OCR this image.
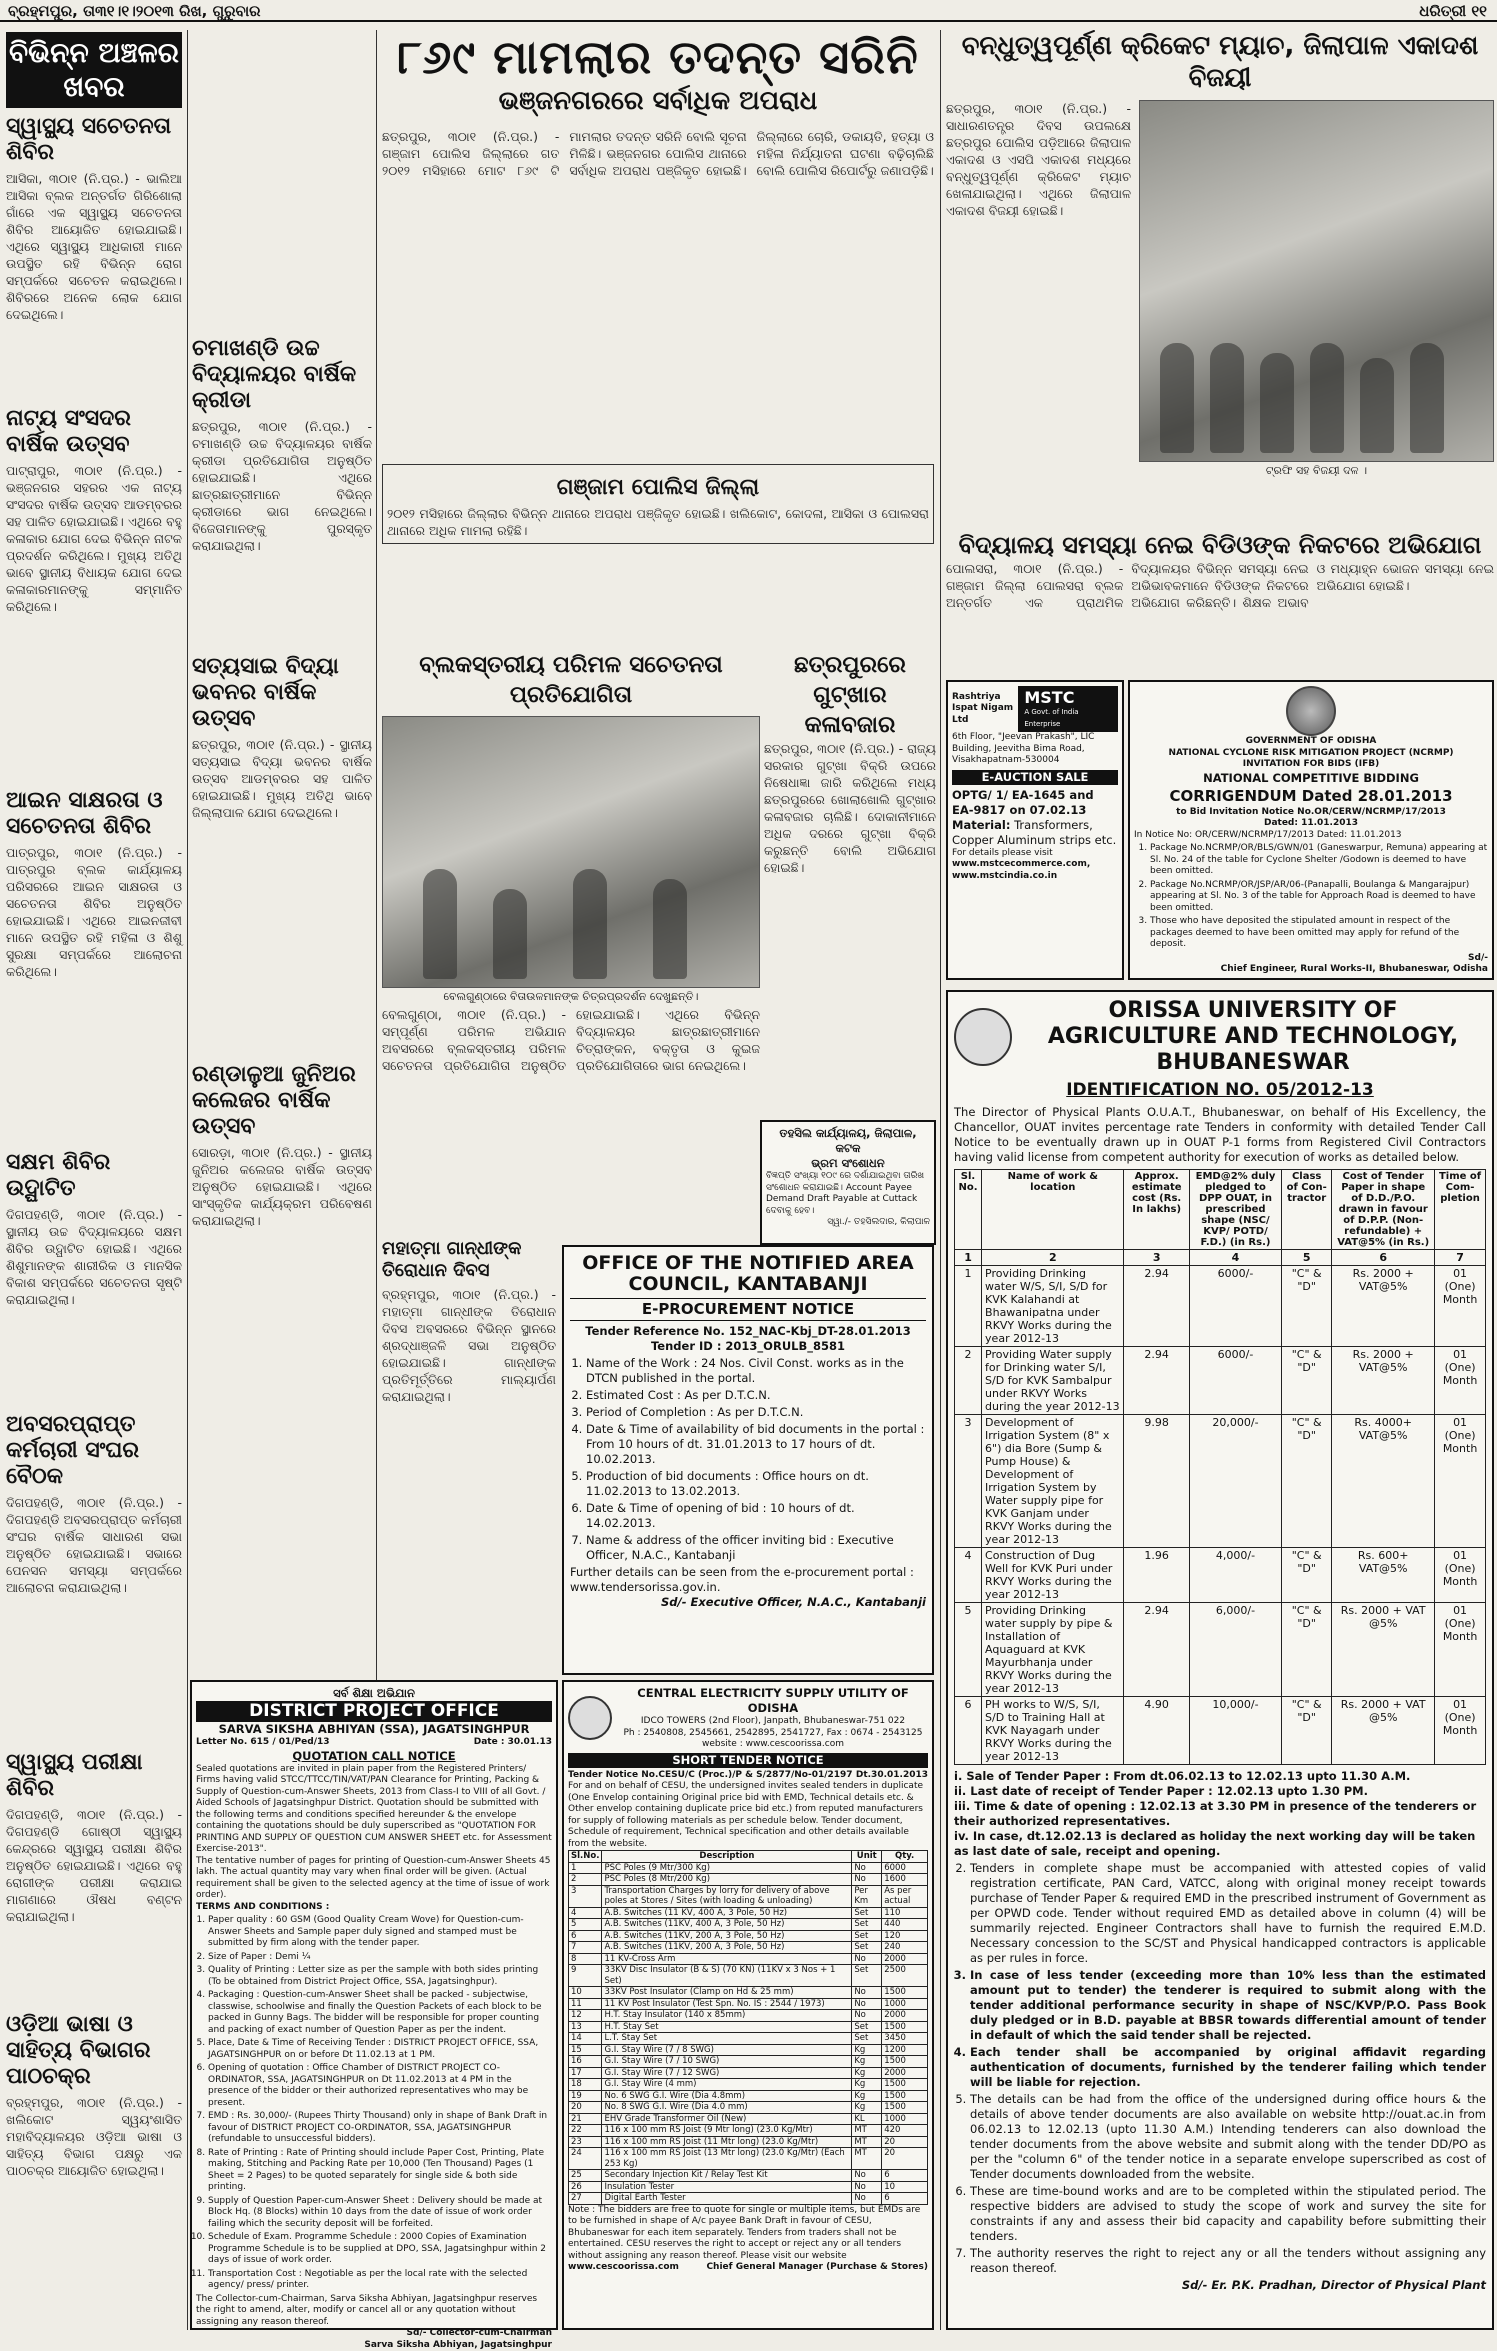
ବ୍ରହ୍ମପୁର, ତା୩୧।୧।୨୦୧୩ ରିଖ, ଗୁରୁବାର	ଧରିତ୍ରୀ ୧୧
ବିଭିନ୍ନ ଅଞ୍ଚଳର ଖବର
ସ୍ୱାସ୍ଥ୍ୟ ସଚେତନତା ଶିବିର
ଆସିକା, ୩୦ା୧ (ନି.ପ୍ର.) - ଭାଲିଆ ଆସିକା ବ୍ଲକ ଅନ୍ତର୍ଗତ ଗିରିଶୋଲା ଗାଁରେ ଏକ ସ୍ୱାସ୍ଥ୍ୟ ସଚେତନତା ଶିବିର ଆୟୋଜିତ ହୋଇଯାଇଛି। ଏଥିରେ ସ୍ୱାସ୍ଥ୍ୟ ଆଧିକାରୀ ମାନେ ଉପସ୍ଥିତ ରହି ବିଭିନ୍ନ ରୋଗ ସମ୍ପର୍କରେ ସଚେତନ କରାଇଥିଲେ। ଶିବିରରେ ଅନେକ ଲୋକ ଯୋଗ ଦେଇଥିଲେ।
ନାଟ୍ୟ ସଂସଦର ବାର୍ଷିକ ଉତ୍ସବ
ପାଟ୍ରାପୁର, ୩୦ା୧ (ନି.ପ୍ର.) - ଭଞ୍ଜନଗର ସହରର ଏକ ନାଟ୍ୟ ସଂସଦର ବାର୍ଷିକ ଉତ୍ସବ ଆଡମ୍ବରର ସହ ପାଳିତ ହୋଇଯାଇଛି। ଏଥିରେ ବହୁ କଳାକାର ଯୋଗ ଦେଇ ବିଭିନ୍ନ ନାଟକ ପ୍ରଦର୍ଶନ କରିଥିଲେ। ମୁଖ୍ୟ ଅତିଥି ଭାବେ ସ୍ଥାନୀୟ ବିଧାୟକ ଯୋଗ ଦେଇ କଳାକାରମାନଙ୍କୁ ସମ୍ମାନିତ କରିଥିଲେ।
ଆଇନ ସାକ୍ଷରତା ଓ ସଚେତନତା ଶିବିର
ପାତ୍ରପୁର, ୩୦ା୧ (ନି.ପ୍ର.) - ପାତ୍ରପୁର ବ୍ଲକ କାର୍ଯ୍ୟାଳୟ ପରିସରରେ ଆଇନ ସାକ୍ଷରତା ଓ ସଚେତନତା ଶିବିର ଅନୁଷ୍ଠିତ ହୋଇଯାଇଛି। ଏଥିରେ ଆଇନଜୀବୀ ମାନେ ଉପସ୍ଥିତ ରହି ମହିଳା ଓ ଶିଶୁ ସୁରକ୍ଷା ସମ୍ପର୍କରେ ଆଲୋଚନା କରିଥିଲେ।
ସକ୍ଷମ ଶିବିର ଉଦ୍ଘାଟିତ
ଦିଗପହଣ୍ଡି, ୩୦ା୧ (ନି.ପ୍ର.) - ସ୍ଥାନୀୟ ଉଚ୍ଚ ବିଦ୍ୟାଳୟରେ ସକ୍ଷମ ଶିବିର ଉଦ୍ଘାଟିତ ହୋଇଛି। ଏଥିରେ ଶିଶୁମାନଙ୍କ ଶାରୀରିକ ଓ ମାନସିକ ବିକାଶ ସମ୍ପର୍କରେ ସଚେତନତା ସୃଷ୍ଟି କରାଯାଇଥିଲା।
ଅବସରପ୍ରାପ୍ତ କର୍ମଚାରୀ ସଂଘର ବୈଠକ
ଦିଗପହଣ୍ଡି, ୩୦ା୧ (ନି.ପ୍ର.) - ଦିଗପହଣ୍ଡି ଅବସରପ୍ରାପ୍ତ କର୍ମଚାରୀ ସଂଘର ବାର୍ଷିକ ସାଧାରଣ ସଭା ଅନୁଷ୍ଠିତ ହୋଇଯାଇଛି। ସଭାରେ ପେନସନ ସମସ୍ୟା ସମ୍ପର୍କରେ ଆଲୋଚନା କରାଯାଇଥିଲା।
ସ୍ୱାସ୍ଥ୍ୟ ପରୀକ୍ଷା ଶିବିର
ଦିଗପହଣ୍ଡି, ୩୦ା୧ (ନି.ପ୍ର.) - ଦିଗପହଣ୍ଡି ଗୋଷ୍ଠୀ ସ୍ୱାସ୍ଥ୍ୟ କେନ୍ଦ୍ରରେ ସ୍ୱାସ୍ଥ୍ୟ ପରୀକ୍ଷା ଶିବିର ଅନୁଷ୍ଠିତ ହୋଇଯାଇଛି। ଏଥିରେ ବହୁ ରୋଗୀଙ୍କ ପରୀକ୍ଷା କରାଯାଇ ମାଗଣାରେ ଔଷଧ ବଣ୍ଟନ କରାଯାଇଥିଲା।
ଓଡ଼ିଆ ଭାଷା ଓ ସାହିତ୍ୟ ବିଭାଗର ପାଠଚକ୍ର
ବ୍ରହ୍ମପୁର, ୩୦ା୧ (ନି.ପ୍ର.) - ଖଲିକୋଟ ସ୍ୱୟଂଶାସିତ ମହାବିଦ୍ୟାଳୟର ଓଡ଼ିଆ ଭାଷା ଓ ସାହିତ୍ୟ ବିଭାଗ ପକ୍ଷରୁ ଏକ ପାଠଚକ୍ର ଆୟୋଜିତ ହୋଇଥିଲା।
ଚମାଖଣ୍ଡି ଉଚ୍ଚ ବିଦ୍ୟାଳୟର ବାର୍ଷିକ କ୍ରୀଡା
ଛତ୍ରପୁର, ୩୦ା୧ (ନି.ପ୍ର.) - ଚମାଖଣ୍ଡି ଉଚ୍ଚ ବିଦ୍ୟାଳୟର ବାର୍ଷିକ କ୍ରୀଡା ପ୍ରତିଯୋଗିତା ଅନୁଷ୍ଠିତ ହୋଇଯାଇଛି। ଏଥିରେ ଛାତ୍ରଛାତ୍ରୀମାନେ ବିଭିନ୍ନ କ୍ରୀଡାରେ ଭାଗ ନେଇଥିଲେ। ବିଜେତାମାନଙ୍କୁ ପୁରସ୍କୃତ କରାଯାଇଥିଲା।
ସତ୍ୟସାଇ ବିଦ୍ୟା ଭବନର ବାର୍ଷିକ ଉତ୍ସବ
ଛତ୍ରପୁର, ୩୦ା୧ (ନି.ପ୍ର.) - ସ୍ଥାନୀୟ ସତ୍ୟସାଇ ବିଦ୍ୟା ଭବନର ବାର୍ଷିକ ଉତ୍ସବ ଆଡମ୍ବରର ସହ ପାଳିତ ହୋଇଯାଇଛି। ମୁଖ୍ୟ ଅତିଥି ଭାବେ ଜିଲ୍ଲାପାଳ ଯୋଗ ଦେଇଥିଲେ।
ରଣ୍ଡାଳୁଆ ଜୁନିଅର କଲେଜର ବାର୍ଷିକ ଉତ୍ସବ
ସୋରଡ଼ା, ୩୦ା୧ (ନି.ପ୍ର.) - ସ୍ଥାନୀୟ ଜୁନିଅର କଲେଜର ବାର୍ଷିକ ଉତ୍ସବ ଅନୁଷ୍ଠିତ ହୋଇଯାଇଛି। ଏଥିରେ ସାଂସ୍କୃତିକ କାର୍ଯ୍ୟକ୍ରମ ପରିବେଷଣ କରାଯାଇଥିଲା।
୮୬୯ ମାମଲାର ତଦନ୍ତ ସରିନି
ଭଞ୍ଜନଗରରେ ସର୍ବାଧିକ ଅପରାଧ
ଛତ୍ରପୁର, ୩୦ା୧ (ନି.ପ୍ର.) - ଗଞ୍ଜାମ ପୋଲିସ ଜିଲ୍ଲାରେ ଗତ ୨୦୧୨ ମସିହାରେ ମୋଟ ୮୬୯ ଟି ମାମଲାର ତଦନ୍ତ ସରିନି ବୋଲି ସୂଚନା ମିଳିଛି। ଭଞ୍ଜନଗର ପୋଲିସ ଥାନାରେ ସର୍ବାଧିକ ଅପରାଧ ପଞ୍ଜିକୃତ ହୋଇଛି। ଜିଲ୍ଲାରେ ଚୋରି, ଡକାୟତି, ହତ୍ୟା ଓ ମହିଳା ନିର୍ଯ୍ୟାତନା ଘଟଣା ବଢ଼ିଚାଲିଛି ବୋଲି ପୋଲିସ ରିପୋର୍ଟରୁ ଜଣାପଡ଼ିଛି।
ଗଞ୍ଜାମ ପୋଲିସ ଜିଲ୍ଲା
୨୦୧୨ ମସିହାରେ ଜିଲ୍ଲାର ବିଭିନ୍ନ ଥାନାରେ ଅପରାଧ ପଞ୍ଜିକୃତ ହୋଇଛି। ଖଲିକୋଟ, କୋଦଳା, ଆସିକା ଓ ପୋଲସରା ଥାନାରେ ଅଧିକ ମାମଲା ରହିଛି।
ବ୍ଲକସ୍ତରୀୟ ପରିମଳ ସଚେତନତା ପ୍ରତିଯୋଗିତା
ବେଲଗୁଣ୍ଠାରେ ବିତାଉଳମାନଙ୍କ ଚିତ୍ରପ୍ରଦର୍ଶନ ଦେଖୁଛନ୍ତି।
ବେଲଗୁଣ୍ଠା, ୩୦ା୧ (ନି.ପ୍ର.) - ସମ୍ପୂର୍ଣ୍ଣ ପରିମଳ ଅଭିଯାନ ଅବସରରେ ବ୍ଲକସ୍ତରୀୟ ପରିମଳ ସଚେତନତା ପ୍ରତିଯୋଗିତା ଅନୁଷ୍ଠିତ ହୋଇଯାଇଛି। ଏଥିରେ ବିଭିନ୍ନ ବିଦ୍ୟାଳୟର ଛାତ୍ରଛାତ୍ରୀମାନେ ଚିତ୍ରାଙ୍କନ, ବକ୍ତୃତା ଓ କୁଇଜ ପ୍ରତିଯୋଗିତାରେ ଭାଗ ନେଇଥିଲେ।
ଛତ୍ରପୁରରେ ଗୁଟ୍ଖାର କଳାବଜାର
ଛତ୍ରପୁର, ୩୦ା୧ (ନି.ପ୍ର.) - ରାଜ୍ୟ ସରକାର ଗୁଟ୍ଖା ବିକ୍ରି ଉପରେ ନିଷେଧାଜ୍ଞା ଜାରି କରିଥିଲେ ମଧ୍ୟ ଛତ୍ରପୁରରେ ଖୋଲାଖୋଲି ଗୁଟ୍ଖାର କଳାବଜାର ଚାଲିଛି। ଦୋକାନୀମାନେ ଅଧିକ ଦରରେ ଗୁଟ୍ଖା ବିକ୍ରି କରୁଛନ୍ତି ବୋଲି ଅଭିଯୋଗ ହୋଇଛି।
ତହସିଲ କାର୍ଯ୍ୟାଳୟ, ଜିଲାପାଳ, କଟକ
ଭ୍ରମ ସଂଶୋଧନ
ବିଜ୍ଞପ୍ତି ସଂଖ୍ୟା ୧୦୯ ରେ ଦର୍ଶାଯାଇଥିବା ତାରିଖ ସଂଶୋଧନ କରାଯାଇଛି। Account Payee Demand Draft Payable at Cuttack ଦେବାକୁ ହେବ।
ସ୍ୱା./- ତହସିଲଦାର, କିଲାପାଳ
ମହାତ୍ମା ଗାନ୍ଧୀଙ୍କ ତିରୋଧାନ ଦିବସ
ବ୍ରହ୍ମପୁର, ୩୦ା୧ (ନି.ପ୍ର.) - ମହାତ୍ମା ଗାନ୍ଧୀଙ୍କ ତିରୋଧାନ ଦିବସ ଅବସରରେ ବିଭିନ୍ନ ସ୍ଥାନରେ ଶ୍ରଦ୍ଧାଞ୍ଜଳି ସଭା ଅନୁଷ୍ଠିତ ହୋଇଯାଇଛି। ଗାନ୍ଧୀଙ୍କ ପ୍ରତିମୂର୍ତ୍ତିରେ ମାଲ୍ୟାର୍ପଣ କରାଯାଇଥିଲା।
OFFICE OF THE NOTIFIED AREA COUNCIL, KANTABANJI
E-PROCUREMENT NOTICE
Tender Reference No. 152_NAC-Kbj_DT-28.01.2013
Tender ID : 2013_ORULB_8581
1. Name of the Work : 24 Nos. Civil Const. works as in the DTCN published in the portal.
2. Estimated Cost : As per D.T.C.N.
3. Period of Completion : As per D.T.C.N.
4. Date & Time of availability of bid documents in the portal : From 10 hours of dt. 31.01.2013 to 17 hours of dt. 10.02.2013.
5. Production of bid documents : Office hours on dt. 11.02.2013 to 13.02.2013.
6. Date & Time of opening of bid : 10 hours of dt. 14.02.2013.
7. Name & address of the officer inviting bid : Executive Officer, N.A.C., Kantabanji
Further details can be seen from the e-procurement portal : www.tendersorissa.gov.in.
Sd/- Executive Officer, N.A.C., Kantabanji
ସର୍ବ ଶିକ୍ଷା ଅଭିଯାନ
DISTRICT PROJECT OFFICE
SARVA SIKSHA ABHIYAN (SSA), JAGATSINGHPUR
Letter No. 615 / 01/Ped/13	Date : 30.01.13
QUOTATION CALL NOTICE
Sealed quotations are invited in plain paper from the Registered Printers/ Firms having valid STCC/TTCC/TIN/VAT/PAN Clearance for Printing, Packing & Supply of Question-cum-Answer Sheets, 2013 from Class-I to VIII of all Govt. / Aided Schools of Jagatsinghpur District. Quotation should be submitted with the following terms and conditions specified hereunder & the envelope containing the quotations should be duly superscribed as "QUOTATION FOR PRINTING AND SUPPLY OF QUESTION CUM ANSWER SHEET etc. for Assessment Exercise-2013".
The tentative number of pages for printing of Question-cum-Answer Sheets 45 lakh. The actual quantity may vary when final order will be given. (Actual requirement shall be given to the selected agency at the time of issue of work order).
TERMS AND CONDITIONS :
1. Paper quality : 60 GSM (Good Quality Cream Wove) for Question-cum-Answer Sheets and Sample paper duly signed and stamped must be submitted by firm along with the tender paper.
2. Size of Paper : Demi ¼
3. Quality of Printing : Letter size as per the sample with both sides printing (To be obtained from District Project Office, SSA, Jagatsinghpur).
4. Packaging : Question-cum-Answer Sheet shall be packed - subjectwise, classwise, schoolwise and finally the Question Packets of each block to be packed in Gunny Bags. The bidder will be responsible for proper counting and packing of exact number of Question Paper as per the indent.
5. Place, Date & Time of Receiving Tender : DISTRICT PROJECT OFFICE, SSA, JAGATSINGHPUR on or before Dt 11.02.13 at 1 PM.
6. Opening of quotation : Office Chamber of DISTRICT PROJECT CO-ORDINATOR, SSA, JAGATSINGHPUR on Dt 11.02.2013 at 4 PM in the presence of the bidder or their authorized representatives who may be present.
7. EMD : Rs. 30,000/- (Rupees Thirty Thousand) only in shape of Bank Draft in favour of DISTRICT PROJECT CO-ORDINATOR, SSA, JAGATSINGHPUR (refundable to unsuccessful bidders).
8. Rate of Printing : Rate of Printing should include Paper Cost, Printing, Plate making, Stitching and Packing Rate per 10,000 (Ten Thousand) Pages (1 Sheet = 2 Pages) to be quoted separately for single side & both side printing.
9. Supply of Question Paper-cum-Answer Sheet : Delivery should be made at Block Hq. (8 Blocks) within 10 days from the date of issue of work order failing which the security deposit will be forfeited.
10. Schedule of Exam. Programme Schedule : 2000 Copies of Examination Programme Schedule is to be supplied at DPO, SSA, Jagatsinghpur within 2 days of issue of work order.
11. Transportation Cost : Negotiable as per the local rate with the selected agency/ press/ printer.
The Collector-cum-Chairman, Sarva Siksha Abhiyan, Jagatsinghpur reserves the right to amend, alter, modify or cancel all or any quotation without assigning any reason thereof.
Sd/- Collector-cum-Chairman
Sarva Siksha Abhiyan, Jagatsinghpur
CENTRAL ELECTRICITY SUPPLY UTILITY OF ODISHA
IDCO TOWERS (2nd Floor), Janpath, Bhubaneswar-751 022
Ph : 2540808, 2545661, 2542895, 2541727, Fax : 0674 - 2543125
website : www.cescoorissa.com
SHORT TENDER NOTICE
Tender Notice No.CESU/C (Proc.)/P & S/2877/No-01/2197 Dt.30.01.2013
For and on behalf of CESU, the undersigned invites sealed tenders in duplicate (One Envelop containing Original price bid with EMD, Technical details etc. & Other envelop containing duplicate price bid etc.) from reputed manufacturers for supply of following materials as per schedule below. Tender document, Schedule of requirement, Technical specification and other details available from the website.
Sl.No.	Description	Unit	Qty.
1	PSC Poles (9 Mtr/300 Kg)	No	6000
2	PSC Poles (8 Mtr/200 Kg)	No	1600
3	Transportation Charges by lorry for delivery of above poles at Stores / Sites (with loading & unloading)	Per Km	As per actual
4	A.B. Switches (11 KV, 400 A, 3 Pole, 50 Hz)	Set	110
5	A.B. Switches (11KV, 400 A, 3 Pole, 50 Hz)	Set	440
6	A.B. Switches (11KV, 200 A, 3 Pole, 50 Hz)	Set	120
7	A.B. Switches (11KV, 200 A, 3 Pole, 50 Hz)	Set	240
8	11 KV-Cross Arm	No	2000
9	33KV Disc Insulator (B & S) (70 KN) (11KV x 3 Nos + 1 Set)	Set	2500
10	33KV Post Insulator (Clamp on Hd & 25 mm)	No	1500
11	11 KV Post Insulator (Test Spn. No. IS : 2544 / 1973)	No	1000
12	H.T. Stay Insulator (140 x 85mm)	No	2000
13	H.T. Stay Set	Set	1500
14	L.T. Stay Set	Set	3450
15	G.I. Stay Wire (7 / 8 SWG)	Kg	1200
16	G.I. Stay Wire (7 / 10 SWG)	Kg	1500
17	G.I. Stay Wire (7 / 12 SWG)	Kg	2000
18	G.I. Stay Wire (4 mm)	Kg	1500
19	No. 6 SWG G.I. Wire (Dia 4.8mm)	Kg	1500
20	No. 8 SWG G.I. Wire (Dia 4.0 mm)	Kg	1500
21	EHV Grade Transformer Oil (New)	KL	1000
22	116 x 100 mm RS Joist (9 Mtr long) (23.0 Kg/Mtr)	MT	420
23	116 x 100 mm RS Joist (11 Mtr long) (23.0 Kg/Mtr)	MT	20
24	116 x 100 mm RS Joist (13 Mtr long) (23.0 Kg/Mtr) (Each 253 Kg)	MT	20
25	Secondary Injection Kit / Relay Test Kit	No	6
26	Insulation Tester	No	10
27	Digital Earth Tester	No	6
Note : The bidders are free to quote for single or multiple items, but EMDs are to be furnished in shape of A/c payee Bank Draft in favour of CESU, Bhubaneswar for each item separately. Tenders from traders shall not be entertained. CESU reserves the right to accept or reject any or all tenders without assigning any reason thereof. Please visit our website
www.cescoorissa.com	Chief General Manager (Purchase & Stores)
ବନ୍ଧୁତ୍ୱପୂର୍ଣ୍ଣ କ୍ରିକେଟ ମ୍ୟାଚ, ଜିଲାପାଳ ଏକାଦଶ ବିଜୟୀ
ଛତ୍ରପୁର, ୩୦ା୧ (ନି.ପ୍ର.) - ସାଧାରଣତନ୍ତ୍ର ଦିବସ ଉପଲକ୍ଷେ ଛତ୍ରପୁର ପୋଲିସ ପଡ଼ିଆରେ ଜିଲାପାଳ ଏକାଦଶ ଓ ଏସପି ଏକାଦଶ ମଧ୍ୟରେ ବନ୍ଧୁତ୍ୱପୂର୍ଣ୍ଣ କ୍ରିକେଟ ମ୍ୟାଚ ଖେଳାଯାଇଥିଲା। ଏଥିରେ ଜିଲାପାଳ ଏକାଦଶ ବିଜୟୀ ହୋଇଛି।
ଟ୍ରଫି ସହ ବିଜୟୀ ଦଳ ।
ବିଦ୍ୟାଳୟ ସମସ୍ୟା ନେଇ ବିଡିଓଙ୍କ ନିକଟରେ ଅଭିଯୋଗ
ପୋଲସରା, ୩୦ା୧ (ନି.ପ୍ର.) - ଗଞ୍ଜାମ ଜିଲ୍ଲା ପୋଲସରା ବ୍ଲକ ଅନ୍ତର୍ଗତ ଏକ ପ୍ରାଥମିକ ବିଦ୍ୟାଳୟର ବିଭିନ୍ନ ସମସ୍ୟା ନେଇ ଅଭିଭାବକମାନେ ବିଡିଓଙ୍କ ନିକଟରେ ଅଭିଯୋଗ କରିଛନ୍ତି। ଶିକ୍ଷକ ଅଭାବ ଓ ମଧ୍ୟାହ୍ନ ଭୋଜନ ସମସ୍ୟା ନେଇ ଅଭିଯୋଗ ହୋଇଛି।
Rashtriya Ispat Nigam Ltd
MSTC
A Govt. of India Enterprise
6th Floor, "Jeevan Prakash", LIC Building, Jeevitha Bima Road, Visakhapatnam-530004
E-AUCTION SALE
OPTG/ 1/ EA-1645 and
EA-9817 on 07.02.13
Material: Transformers, Copper Aluminum strips etc.
For details please visit
www.mstcecommerce.com, www.mstcindia.co.in
GOVERNMENT OF ODISHA
NATIONAL CYCLONE RISK MITIGATION PROJECT (NCRMP)
INVITATION FOR BIDS (IFB)
NATIONAL COMPETITIVE BIDDING
CORRIGENDUM Dated 28.01.2013
to Bid Invitation Notice No.OR/CERW/NCRMP/17/2013
Dated: 11.01.2013
In Notice No: OR/CERW/NCRMP/17/2013 Dated: 11.01.2013
1. Package No.NCRMP/OR/BLS/GWN/01 (Ganeswarpur, Remuna) appearing at Sl. No. 24 of the table for Cyclone Shelter /Godown is deemed to have been omitted.
2. Package No.NCRMP/OR/JSP/AR/06-(Panapalli, Boulanga & Mangarajpur) appearing at Sl. No. 3 of the table for Approach Road is deemed to have been omitted.
3. Those who have deposited the stipulated amount in respect of the packages deemed to have been omitted may apply for refund of the deposit.
Sd/-
Chief Engineer, Rural Works-II, Bhubaneswar, Odisha
ORISSA UNIVERSITY OF AGRICULTURE AND TECHNOLOGY, BHUBANESWAR
IDENTIFICATION NO. 05/2012-13
The Director of Physical Plants O.U.A.T., Bhubaneswar, on behalf of His Excellency, the Chancellor, OUAT invites percentage rate Tenders in conformity with detailed Tender Call Notice to be eventually drawn up in OUAT P-1 forms from Registered Civil Contractors having valid license from competent authority for execution of works as detailed below.
Sl. No.	Name of work & location	Approx. estimate cost (Rs. In lakhs)	EMD@2% duly pledged to DPP OUAT, in prescribed shape (NSC/ KVP/ POTD/ F.D.) (in Rs.)	Class of Con-tractor	Cost of Tender Paper in shape of D.D./P.O. drawn in favour of D.P.P. (Non-refundable) + VAT@5% (in Rs.)	Time of Com-pletion
1	2	3	4	5	6	7
1	Providing Drinking water W/S, S/I, S/D for KVK Kalahandi at Bhawanipatna under RKVY Works during the year 2012-13	2.94	6000/-	"C" & "D"	Rs. 2000 + VAT@5%	01 (One) Month
2	Providing Water supply for Drinking water S/I, S/D for KVK Sambalpur under RKVY Works during the year 2012-13	2.94	6000/-	"C" & "D"	Rs. 2000 + VAT@5%	01 (One) Month
3	Development of Irrigation System (8" x 6") dia Bore (Sump & Pump House) & Development of Irrigation System by Water supply pipe for KVK Ganjam under RKVY Works during the year 2012-13	9.98	20,000/-	"C" & "D"	Rs. 4000+ VAT@5%	01 (One) Month
4	Construction of Dug Well for KVK Puri under RKVY Works during the year 2012-13	1.96	4,000/-	"C" & "D"	Rs. 600+ VAT@5%	01 (One) Month
5	Providing Drinking water supply by pipe & Installation of Aquaguard at KVK Mayurbhanja under RKVY Works during the year 2012-13	2.94	6,000/-	"C" & "D"	Rs. 2000 + VAT @5%	01 (One) Month
6	PH works to W/S, S/I, S/D to Training Hall at KVK Nayagarh under RKVY Works during the year 2012-13	4.90	10,000/-	"C" & "D"	Rs. 2000 + VAT @5%	01 (One) Month
i. Sale of Tender Paper : From dt.06.02.13 to 12.02.13 upto 11.30 A.M.
ii. Last date of receipt of Tender Paper : 12.02.13 upto 1.30 PM.
iii. Time & date of opening : 12.02.13 at 3.30 PM in presence of the tenderers or their authorized representatives.
iv. In case, dt.12.02.13 is declared as holiday the next working day will be taken as last date of sale, receipt and opening.
2. Tenders in complete shape must be accompanied with attested copies of valid registration certificate, PAN Card, VATCC, along with original money receipt towards purchase of Tender Paper & required EMD in the prescribed instrument of Government as per OPWD code. Tender without required EMD as detailed above in column (4) will be summarily rejected. Engineer Contractors shall have to furnish the required E.M.D. Necessary concession to the SC/ST and Physical handicapped contractors is applicable as per rules in force.
3. In case of less tender (exceeding more than 10% less than the estimated amount put to tender) the tenderer is required to submit along with the tender additional performance security in shape of NSC/KVP/P.O. Pass Book duly pledged or in B.D. payable at BBSR towards differential amount of tender in default of which the said tender shall be rejected.
4. Each tender shall be accompanied by original affidavit regarding authentication of documents, furnished by the tenderer failing which tender will be liable for rejection.
5. The details can be had from the office of the undersigned during office hours & the details of above tender documents are also available on website http://ouat.ac.in from 06.02.13 to 12.02.13 (upto 11.30 A.M.) Intending tenderers can also download the tender documents from the above website and submit along with the tender DD/PO as per the "column 6" of the tender notice in a separate envelope superscribed as cost of Tender documents downloaded from the website.
6. These are time-bound works and are to be completed within the stipulated period. The respective bidders are advised to study the scope of work and survey the site for constraints if any and assess their bid capacity and capability before submitting their tenders.
7. The authority reserves the right to reject any or all the tenders without assigning any reason thereof.
Sd/- Er. P.K. Pradhan, Director of Physical Plant
